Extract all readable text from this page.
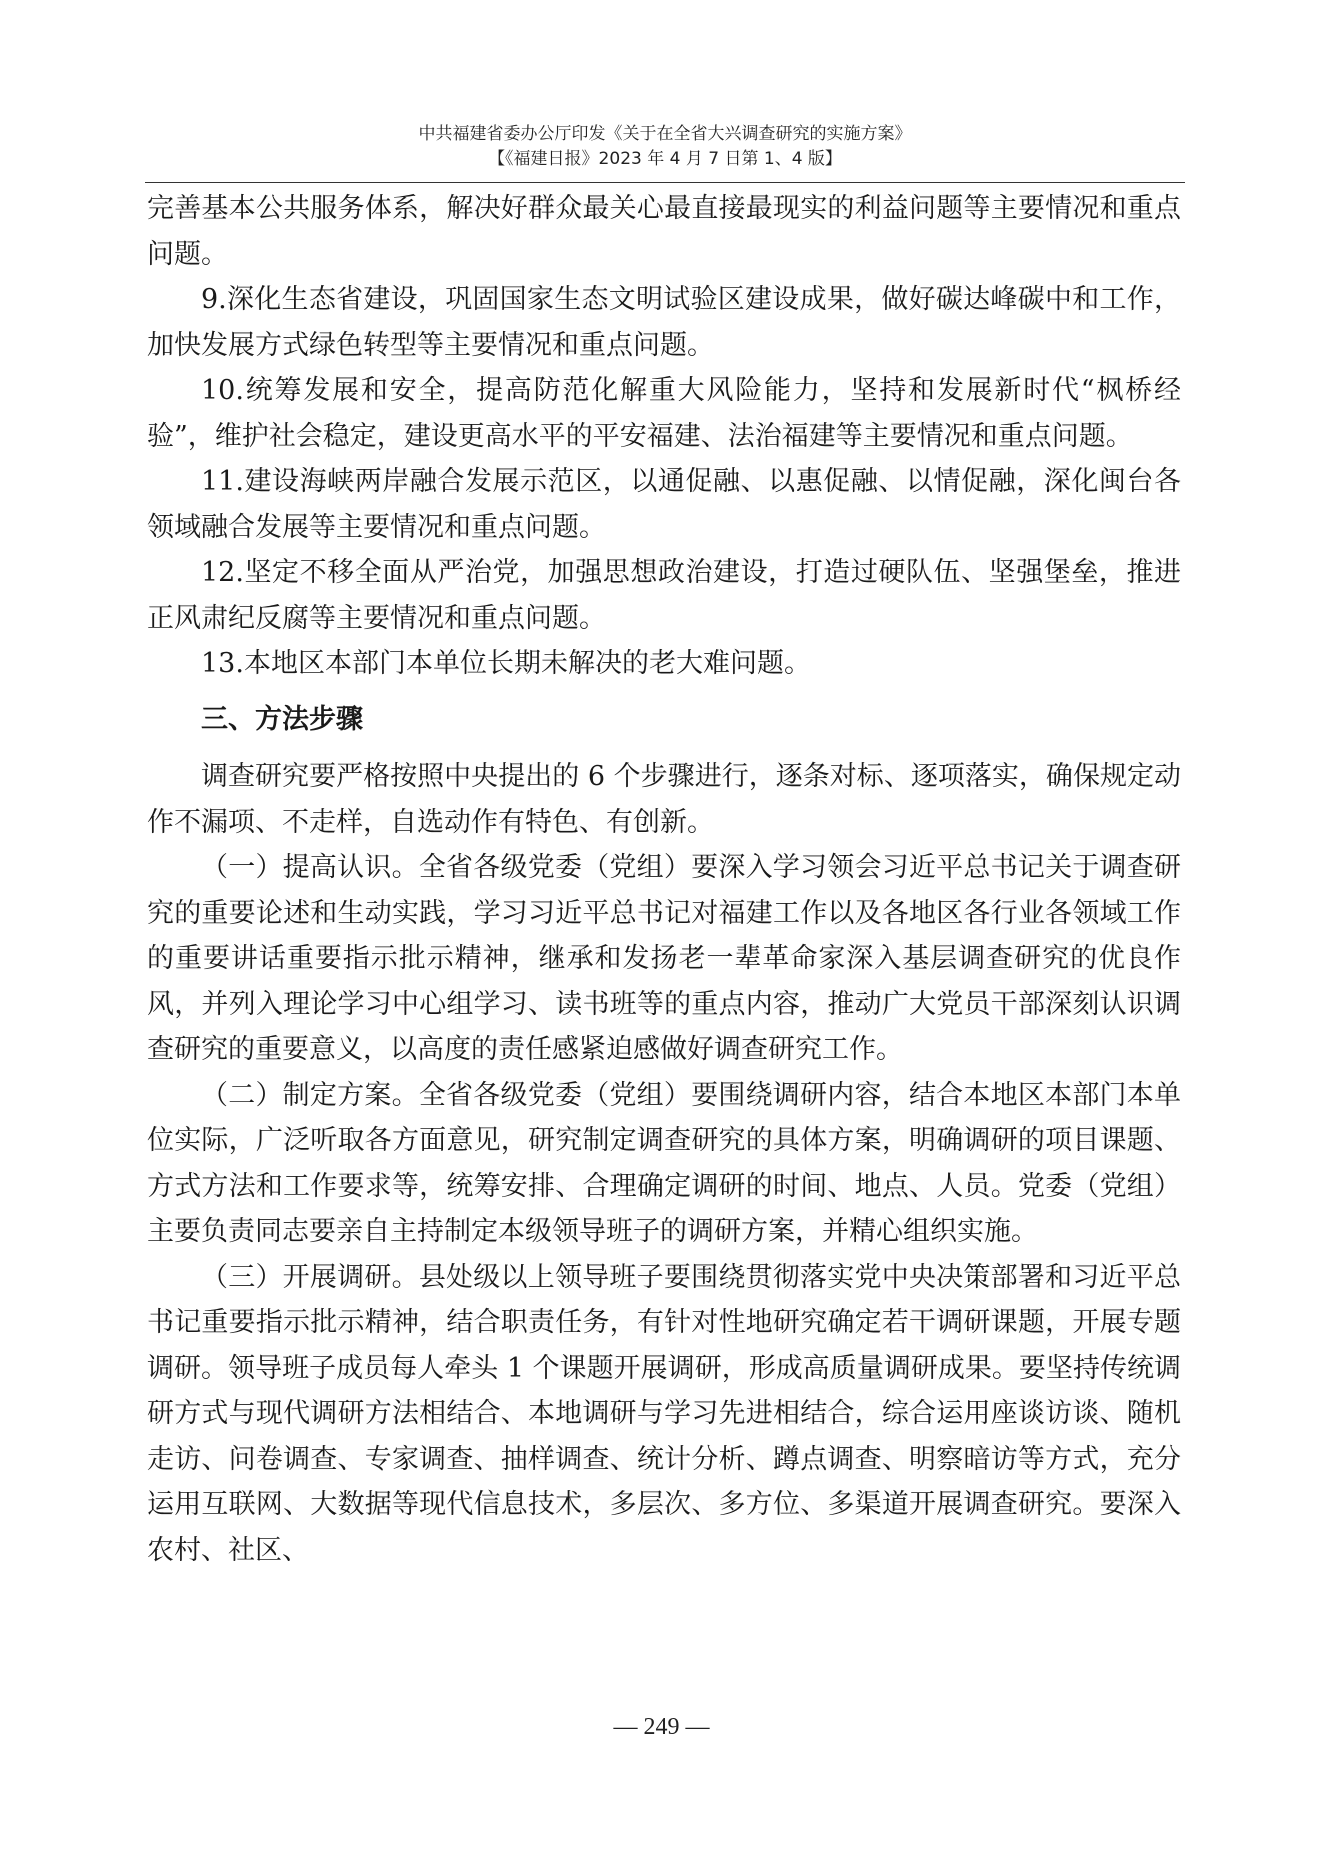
中共福建省委办公厅印发《关于在全省大兴调查研究的实施方案》
【《福建日报》2023 年 4 月 7 日第 1、4 版】

完善基本公共服务体系，解决好群众最关心最直接最现实的利益问题等主要情况和重点问题。

9.深化生态省建设，巩固国家生态文明试验区建设成果，做好碳达峰碳中和工作，加快发展方式绿色转型等主要情况和重点问题。

10.统筹发展和安全，提高防范化解重大风险能力，坚持和发展新时代“枫桥经验”，维护社会稳定，建设更高水平的平安福建、法治福建等主要情况和重点问题。

11.建设海峡两岸融合发展示范区，以通促融、以惠促融、以情促融，深化闽台各领域融合发展等主要情况和重点问题。

12.坚定不移全面从严治党，加强思想政治建设，打造过硬队伍、坚强堡垒，推进正风肃纪反腐等主要情况和重点问题。

13.本地区本部门本单位长期未解决的老大难问题。

三、方法步骤

调查研究要严格按照中央提出的 6 个步骤进行，逐条对标、逐项落实，确保规定动作不漏项、不走样，自选动作有特色、有创新。

（一）提高认识。全省各级党委（党组）要深入学习领会习近平总书记关于调查研究的重要论述和生动实践，学习习近平总书记对福建工作以及各地区各行业各领域工作的重要讲话重要指示批示精神，继承和发扬老一辈革命家深入基层调查研究的优良作风，并列入理论学习中心组学习、读书班等的重点内容，推动广大党员干部深刻认识调查研究的重要意义，以高度的责任感紧迫感做好调查研究工作。

（二）制定方案。全省各级党委（党组）要围绕调研内容，结合本地区本部门本单位实际，广泛听取各方面意见，研究制定调查研究的具体方案，明确调研的项目课题、方式方法和工作要求等，统筹安排、合理确定调研的时间、地点、人员。党委（党组）主要负责同志要亲自主持制定本级领导班子的调研方案，并精心组织实施。

（三）开展调研。县处级以上领导班子要围绕贯彻落实党中央决策部署和习近平总书记重要指示批示精神，结合职责任务，有针对性地研究确定若干调研课题，开展专题调研。领导班子成员每人牵头 1 个课题开展调研，形成高质量调研成果。要坚持传统调研方式与现代调研方法相结合、本地调研与学习先进相结合，综合运用座谈访谈、随机走访、问卷调查、专家调查、抽样调查、统计分析、蹲点调查、明察暗访等方式，充分运用互联网、大数据等现代信息技术，多层次、多方位、多渠道开展调查研究。要深入农村、社区、

— 249 —
